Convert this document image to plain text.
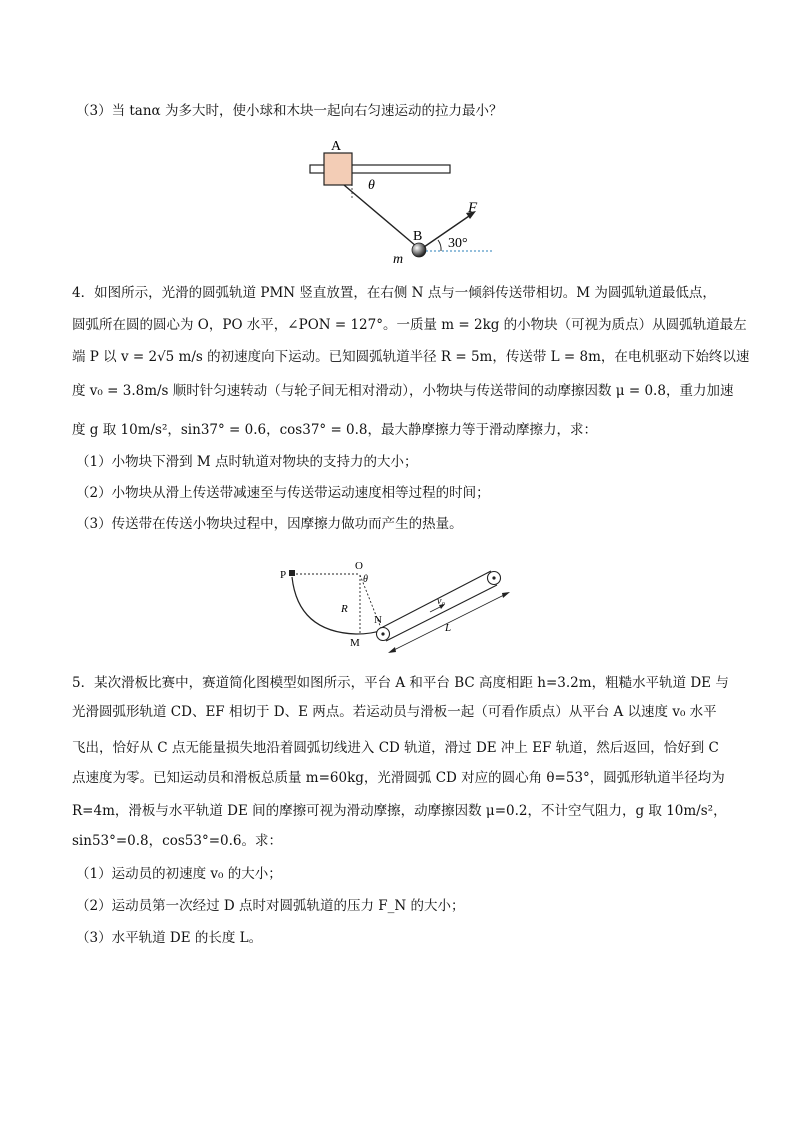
（3）当 tanα 为多大时，使小球和木块一起向右匀速运动的拉力最小？
A
θ
B
m
F
30°
4．如图所示，光滑的圆弧轨道 PMN 竖直放置，在右侧 N 点与一倾斜传送带相切。M 为圆弧轨道最低点，
圆弧所在圆的圆心为 O，PO 水平，∠PON = 127°。一质量 m = 2kg 的小物块（可视为质点）从圆弧轨道最左
端 P 以 v = 2√5 m/s 的初速度向下运动。已知圆弧轨道半径 R = 5m，传送带 L = 8m，在电机驱动下始终以速
度 v₀ = 3.8m/s 顺时针匀速转动（与轮子间无相对滑动），小物块与传送带间的动摩擦因数 μ = 0.8，重力加速
度 g 取 10m/s²，sin37° = 0.6，cos37° = 0.8，最大静摩擦力等于滑动摩擦力，求：
（1）小物块下滑到 M 点时轨道对物块的支持力的大小；
（2）小物块从滑上传送带减速至与传送带运动速度相等过程的时间；
（3）传送带在传送小物块过程中，因摩擦力做功而产生的热量。
P
O
θ
R
N
M
v₀
L
5．某次滑板比赛中，赛道简化图模型如图所示，平台 A 和平台 BC 高度相距 h=3.2m，粗糙水平轨道 DE 与
光滑圆弧形轨道 CD、EF 相切于 D、E 两点。若运动员与滑板一起（可看作质点）从平台 A 以速度 v₀ 水平
飞出，恰好从 C 点无能量损失地沿着圆弧切线进入 CD 轨道，滑过 DE 冲上 EF 轨道，然后返回，恰好到 C
点速度为零。已知运动员和滑板总质量 m=60kg，光滑圆弧 CD 对应的圆心角 θ=53°，圆弧形轨道半径均为
R=4m，滑板与水平轨道 DE 间的摩擦可视为滑动摩擦，动摩擦因数 μ=0.2，不计空气阻力，g 取 10m/s²，
sin53°=0.8，cos53°=0.6。求：
（1）运动员的初速度 v₀ 的大小；
（2）运动员第一次经过 D 点时对圆弧轨道的压力 F_N 的大小；
（3）水平轨道 DE 的长度 L。
